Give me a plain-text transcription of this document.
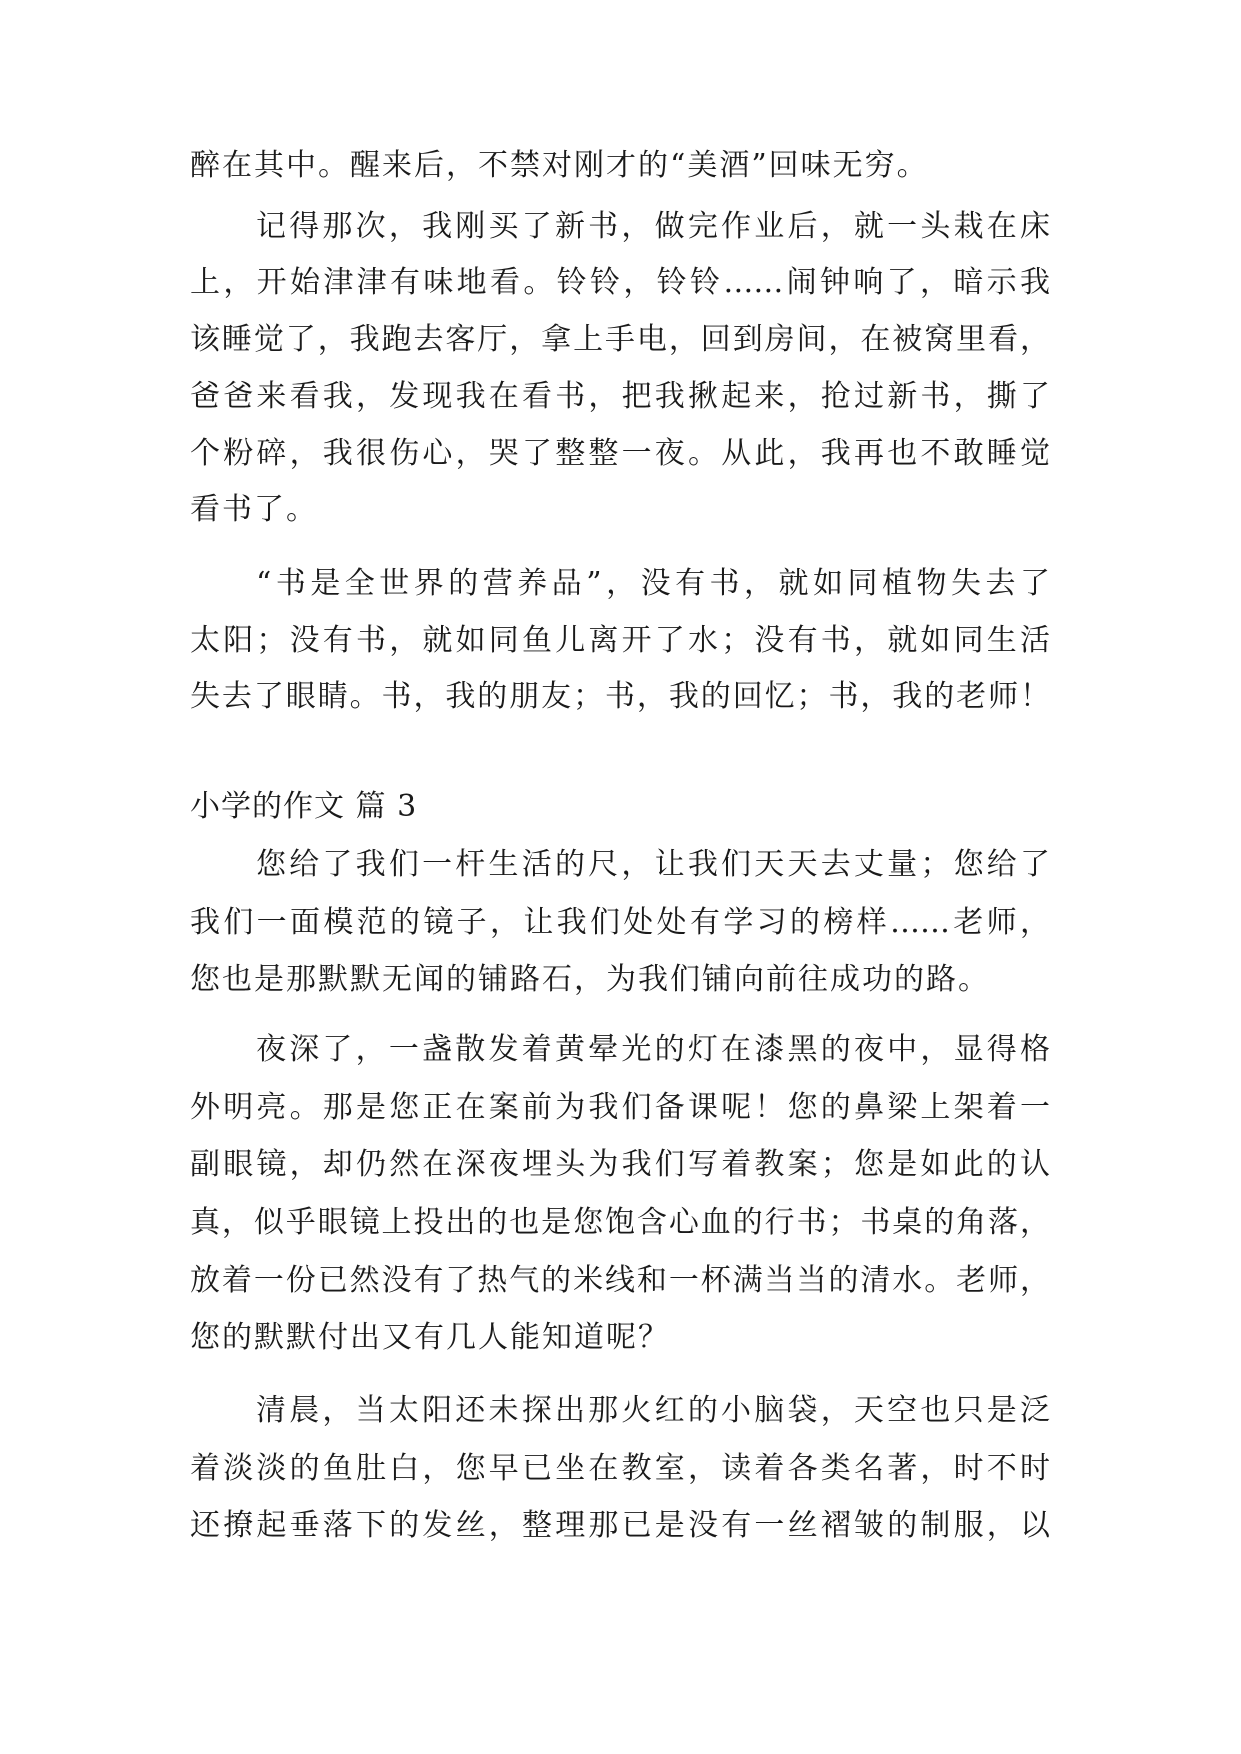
醉在其中。醒来后，不禁对刚才的“美酒”回味无穷。

记得那次，我刚买了新书，做完作业后，就一头栽在床

上，开始津津有味地看。铃铃，铃铃……闹钟响了，暗示我

该睡觉了，我跑去客厅，拿上手电，回到房间，在被窝里看，

爸爸来看我，发现我在看书，把我揪起来，抢过新书，撕了

个粉碎，我很伤心，哭了整整一夜。从此，我再也不敢睡觉

看书了。

“书是全世界的营养品”，没有书，就如同植物失去了

太阳；没有书，就如同鱼儿离开了水；没有书，就如同生活

失去了眼睛。书，我的朋友；书，我的回忆；书，我的老师！

小学的作文 篇 3

您给了我们一杆生活的尺，让我们天天去丈量；您给了

我们一面模范的镜子，让我们处处有学习的榜样……老师，

您也是那默默无闻的铺路石，为我们铺向前往成功的路。

夜深了，一盏散发着黄晕光的灯在漆黑的夜中，显得格

外明亮。那是您正在案前为我们备课呢！您的鼻梁上架着一

副眼镜，却仍然在深夜埋头为我们写着教案；您是如此的认

真，似乎眼镜上投出的也是您饱含心血的行书；书桌的角落，

放着一份已然没有了热气的米线和一杯满当当的清水。老师，

您的默默付出又有几人能知道呢？

清晨，当太阳还未探出那火红的小脑袋，天空也只是泛

着淡淡的鱼肚白，您早已坐在教室，读着各类名著，时不时

还撩起垂落下的发丝，整理那已是没有一丝褶皱的制服，以
